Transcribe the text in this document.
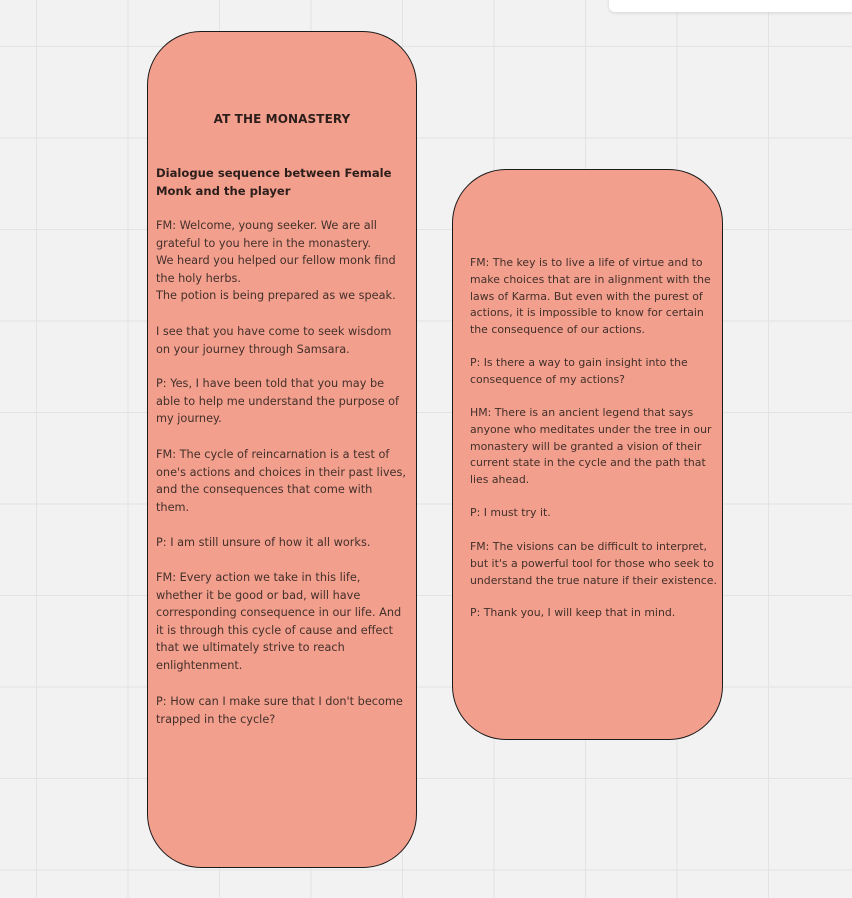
AT THE MONASTERY
Dialogue sequence between Female
Monk and the player
FM: Welcome, young seeker. We are all
grateful to you here in the monastery.
We heard you helped our fellow monk find
the holy herbs.
The potion is being prepared as we speak.
I see that you have come to seek wisdom
on your journey through Samsara.
P: Yes, I have been told that you may be
able to help me understand the purpose of
my journey.
FM: The cycle of reincarnation is a test of
one's actions and choices in their past lives,
and the consequences that come with
them.
P: I am still unsure of how it all works.
FM: Every action we take in this life,
whether it be good or bad, will have
corresponding consequence in our life. And
it is through this cycle of cause and effect
that we ultimately strive to reach
enlightenment.
P: How can I make sure that I don't become
trapped in the cycle?
FM: The key is to live a life of virtue and to
make choices that are in alignment with the
laws of Karma. But even with the purest of
actions, it is impossible to know for certain
the consequence of our actions.
P: Is there a way to gain insight into the
consequence of my actions?
HM: There is an ancient legend that says
anyone who meditates under the tree in our
monastery will be granted a vision of their
current state in the cycle and the path that
lies ahead.
P: I must try it.
FM: The visions can be difficult to interpret,
but it's a powerful tool for those who seek to
understand the true nature if their existence.
P: Thank you, I will keep that in mind.
